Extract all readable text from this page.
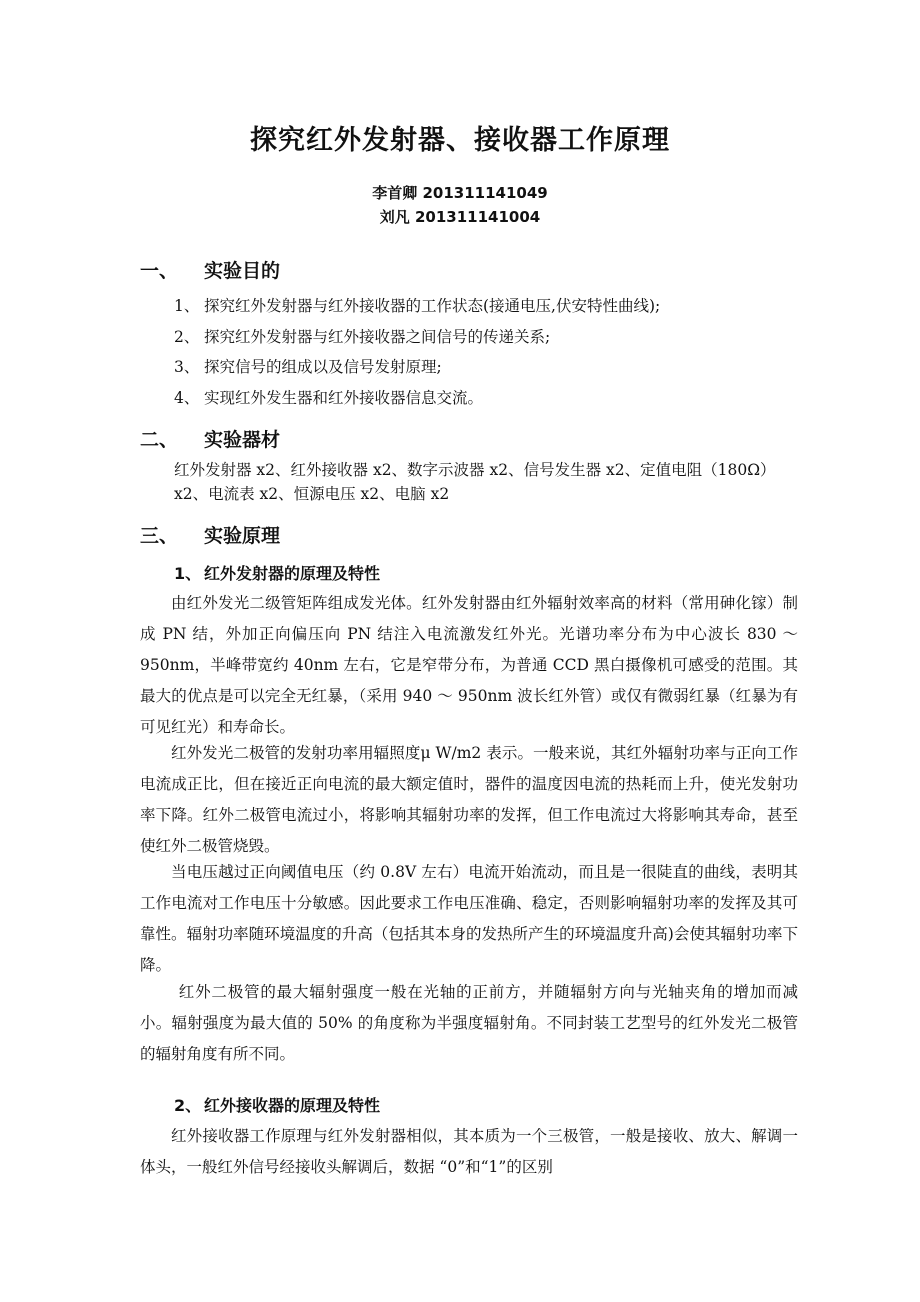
探究红外发射器、接收器工作原理
李首卿 201311141049
刘凡 201311141004
一、 实验目的
1、 探究红外发射器与红外接收器的工作状态(接通电压,伏安特性曲线);
2、 探究红外发射器与红外接收器之间信号的传递关系;
3、 探究信号的组成以及信号发射原理;
4、 实现红外发生器和红外接收器信息交流。
二、 实验器材
红外发射器 x2、红外接收器 x2、数字示波器 x2、信号发生器 x2、定值电阻（180Ω）x2、电流表 x2、恒源电压 x2、电脑 x2
三、 实验原理
1、 红外发射器的原理及特性
由红外发光二级管矩阵组成发光体。红外发射器由红外辐射效率高的材料（常用砷化镓）制成 PN 结，外加正向偏压向 PN 结注入电流激发红外光。光谱功率分布为中心波长 830 ～ 950nm，半峰带宽约 40nm 左右，它是窄带分布，为普通 CCD 黑白摄像机可感受的范围。其最大的优点是可以完全无红暴，（采用 940 ～ 950nm 波长红外管）或仅有微弱红暴（红暴为有可见红光）和寿命长。
红外发光二极管的发射功率用辐照度μ W/m2 表示。一般来说，其红外辐射功率与正向工作电流成正比，但在接近正向电流的最大额定值时，器件的温度因电流的热耗而上升，使光发射功率下降。红外二极管电流过小，将影响其辐射功率的发挥，但工作电流过大将影响其寿命，甚至使红外二极管烧毁。
当电压越过正向阈值电压（约 0.8V 左右）电流开始流动，而且是一很陡直的曲线，表明其工作电流对工作电压十分敏感。因此要求工作电压准确、稳定，否则影响辐射功率的发挥及其可靠性。辐射功率随环境温度的升高（包括其本身的发热所产生的环境温度升高)会使其辐射功率下降。
红外二极管的最大辐射强度一般在光轴的正前方，并随辐射方向与光轴夹角的增加而减小。辐射强度为最大值的 50% 的角度称为半强度辐射角。不同封装工艺型号的红外发光二极管的辐射角度有所不同。
2、 红外接收器的原理及特性
红外接收器工作原理与红外发射器相似，其本质为一个三极管，一般是接收、放大、解调一体头，一般红外信号经接收头解调后，数据 “0”和“1”的区别
